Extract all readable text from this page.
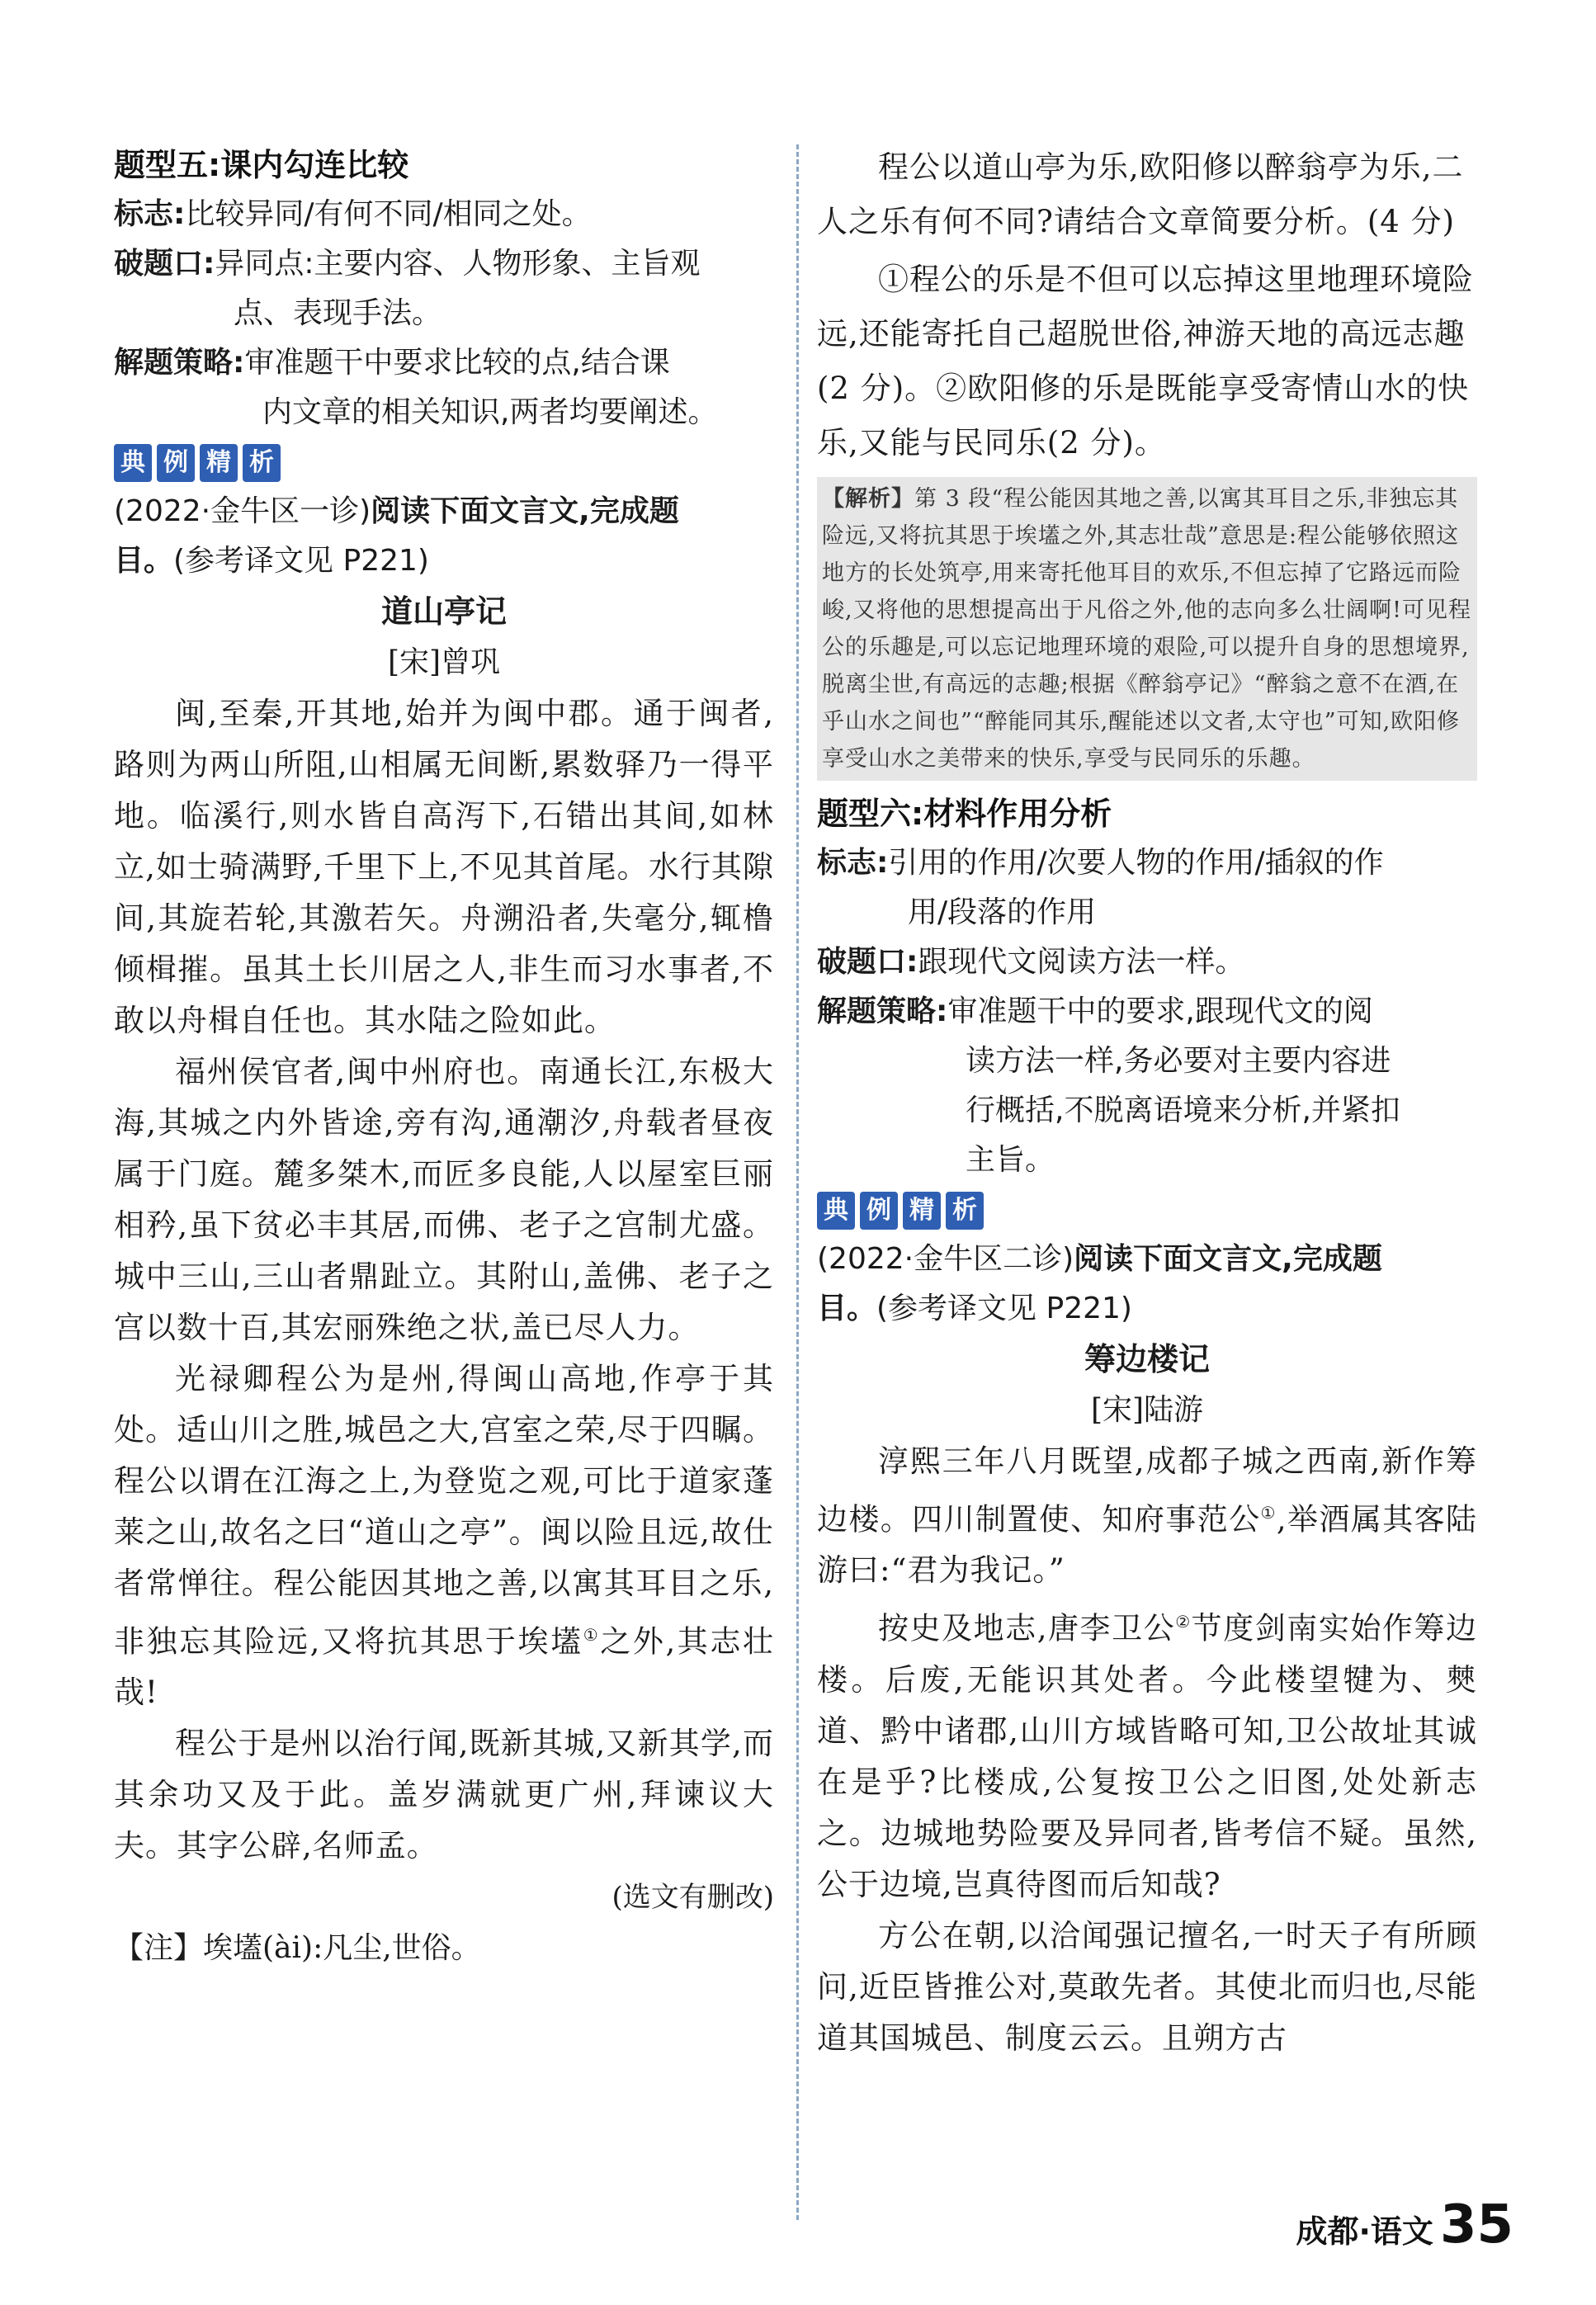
题型五:课内勾连比较
标志:比较异同/有何不同/相同之处。
破题口:异同点:主要内容、人物形象、主旨观
点、表现手法。
解题策略:审准题干中要求比较的点,结合课
内文章的相关知识,两者均要阐述。
典 例 精 析
(2022·金牛区一诊)阅读下面文言文,完成题
目。(参考译文见 P221)
道山亭记
[宋]曾巩

闽,至秦,开其地,始并为闽中郡。通于闽者,路则为两山所阻,山相属无间断,累数驿乃一得平地。临溪行,则水皆自高泻下,石错出其间,如林立,如士骑满野,千里下上,不见其首尾。水行其隙间,其旋若轮,其激若矢。舟溯沿者,失毫分,辄橹倾楫摧。虽其土长川居之人,非生而习水事者,不敢以舟楫自任也。其水陆之险如此。

福州侯官者,闽中州府也。南通长江,东极大海,其城之内外皆途,旁有沟,通潮汐,舟载者昼夜属于门庭。麓多桀木,而匠多良能,人以屋室巨丽相矜,虽下贫必丰其居,而佛、老子之宫制尤盛。城中三山,三山者鼎趾立。其附山,盖佛、老子之宫以数十百,其宏丽殊绝之状,盖已尽人力。

光禄卿程公为是州,得闽山高地,作亭于其处。适山川之胜,城邑之大,宫室之荣,尽于四瞩。程公以谓在江海之上,为登览之观,可比于道家蓬莱之山,故名之曰“道山之亭”。闽以险且远,故仕者常惮往。程公能因其地之善,以寓其耳目之乐,非独忘其险远,又将抗其思于埃壒①之外,其志壮哉!

程公于是州以治行闻,既新其城,又新其学,而其余功又及于此。盖岁满就更广州,拜谏议大夫。其字公辟,名师孟。

(选文有删改)
【注】埃壒(ài):凡尘,世俗。

程公以道山亭为乐,欧阳修以醉翁亭为乐,二人之乐有何不同?请结合文章简要分析。(4 分)

①程公的乐是不但可以忘掉这里地理环境险远,还能寄托自己超脱世俗,神游天地的高远志趣(2 分)。②欧阳修的乐是既能享受寄情山水的快乐,又能与民同乐(2 分)。

【解析】第 3 段“程公能因其地之善,以寓其耳目之乐,非独忘其险远,又将抗其思于埃壒之外,其志壮哉”意思是:程公能够依照这地方的长处筑亭,用来寄托他耳目的欢乐,不但忘掉了它路远而险峻,又将他的思想提高出于凡俗之外,他的志向多么壮阔啊!可见程公的乐趣是,可以忘记地理环境的艰险,可以提升自身的思想境界,脱离尘世,有高远的志趣;根据《醉翁亭记》“醉翁之意不在酒,在乎山水之间也”“醉能同其乐,醒能述以文者,太守也”可知,欧阳修享受山水之美带来的快乐,享受与民同乐的乐趣。
题型六:材料作用分析
标志:引用的作用/次要人物的作用/插叙的作
用/段落的作用
破题口:跟现代文阅读方法一样。
解题策略:审准题干中的要求,跟现代文的阅
读方法一样,务必要对主要内容进
行概括,不脱离语境来分析,并紧扣
主旨。
典 例 精 析
(2022·金牛区二诊)阅读下面文言文,完成题
目。(参考译文见 P221)
筹边楼记
[宋]陆游

淳熙三年八月既望,成都子城之西南,新作筹边楼。四川制置使、知府事范公①,举酒属其客陆游曰:“君为我记。”

按史及地志,唐李卫公②节度剑南实始作筹边楼。后废,无能识其处者。今此楼望犍为、僰道、黔中诸郡,山川方域皆略可知,卫公故址其诚在是乎?比楼成,公复按卫公之旧图,处处新志之。边城地势险要及异同者,皆考信不疑。虽然,公于边境,岂真待图而后知哉?

方公在朝,以洽闻强记擅名,一时天子有所顾问,近臣皆推公对,莫敢先者。其使北而归也,尽能道其国城邑、制度云云。且朔方古

成都·语文 35
